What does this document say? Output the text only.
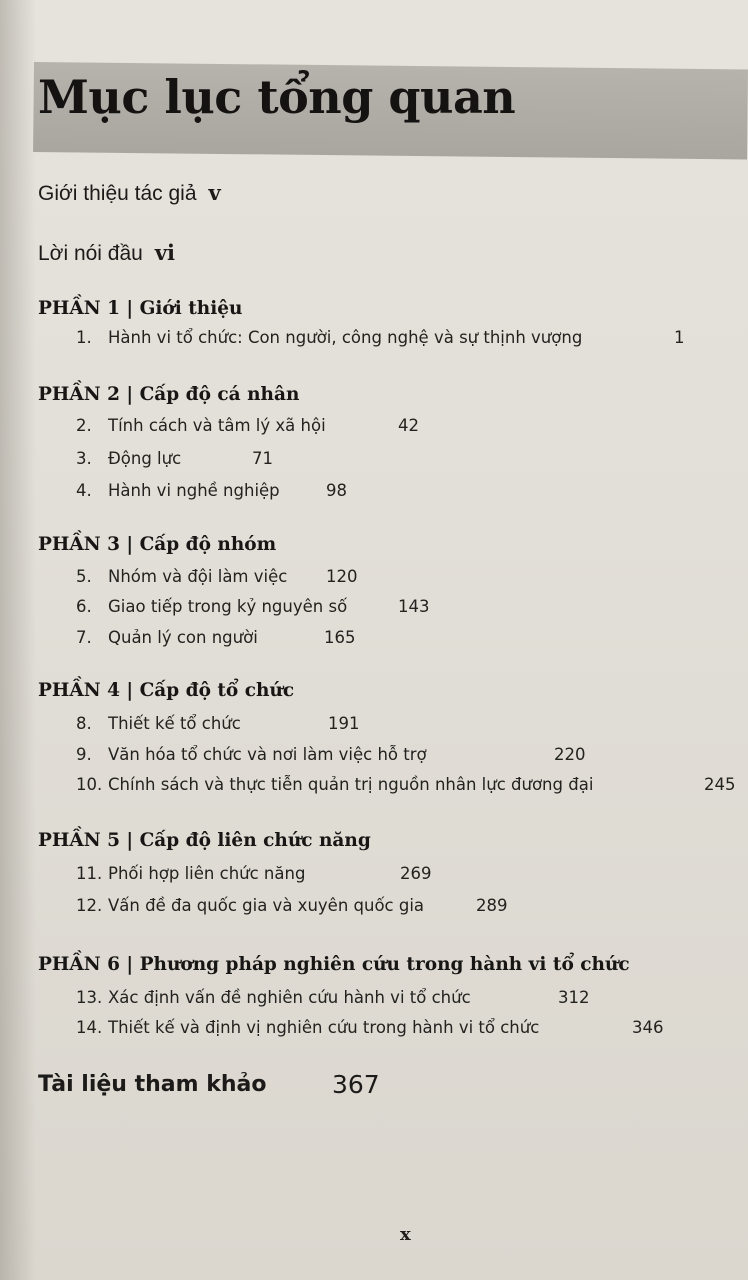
Mục lục tổng quan
Giới thiệu tác giả v
Lời nói đầu vi
PHẦN 1 | Giới thiệu
1. Hành vi tổ chức: Con người, công nghệ và sự thịnh vượng	1
PHẦN 2 | Cấp độ cá nhân
2. Tính cách và tâm lý xã hội	42
3. Động lực	71
4. Hành vi nghề nghiệp	98
PHẦN 3 | Cấp độ nhóm
5. Nhóm và đội làm việc 120
6. Giao tiếp trong kỷ nguyên số	143
7. Quản lý con người	165
PHẦN 4 | Cấp độ tổ chức
8. Thiết kế tổ chức	191
9. Văn hóa tổ chức và nơi làm việc hỗ trợ	220
10. Chính sách và thực tiễn quản trị nguồn nhân lực đương đại	245
PHẦN 5 | Cấp độ liên chức năng
11. Phối hợp liên chức năng	269
12. Vấn đề đa quốc gia và xuyên quốc gia	289
PHẦN 6 | Phương pháp nghiên cứu trong hành vi tổ chức
13. Xác định vấn đề nghiên cứu hành vi tổ chức	312
14. Thiết kế và định vị nghiên cứu trong hành vi tổ chức	346
Tài liệu tham khảo	367
x
